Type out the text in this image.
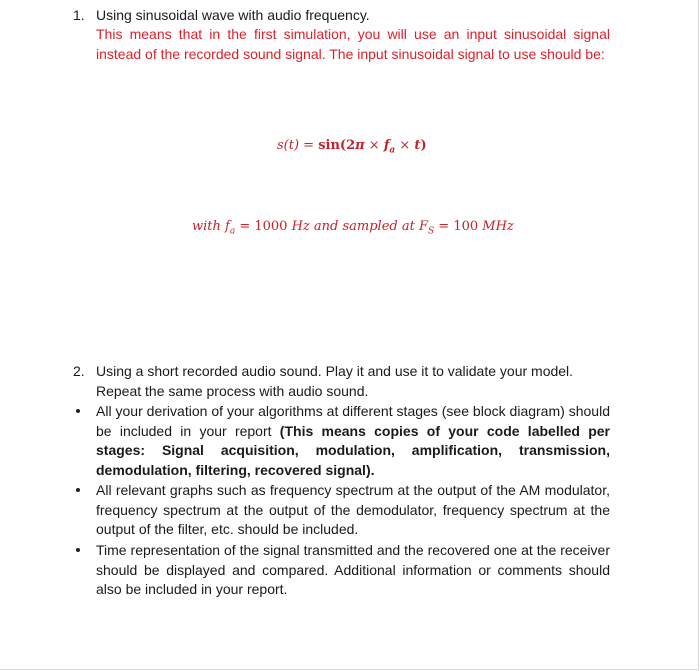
1. Using sinusoidal wave with audio frequency.
This means that in the first simulation, you will use an input sinusoidal signal instead of the recorded sound signal. The input sinusoidal signal to use should be:
$s(t) = \sin(2\pi \times f_a \times t)$
with $f_a = 1000$ Hz and sampled at $F_S = 100$ MHz
2. Using a short recorded audio sound. Play it and use it to validate your model. Repeat the same process with audio sound.
All your derivation of your algorithms at different stages (see block diagram) should be included in your report (This means copies of your code labelled per stages: Signal acquisition, modulation, amplification, transmission, demodulation, filtering, recovered signal).
All relevant graphs such as frequency spectrum at the output of the AM modulator, frequency spectrum at the output of the demodulator, frequency spectrum at the output of the filter, etc. should be included.
Time representation of the signal transmitted and the recovered one at the receiver should be displayed and compared. Additional information or comments should also be included in your report.
